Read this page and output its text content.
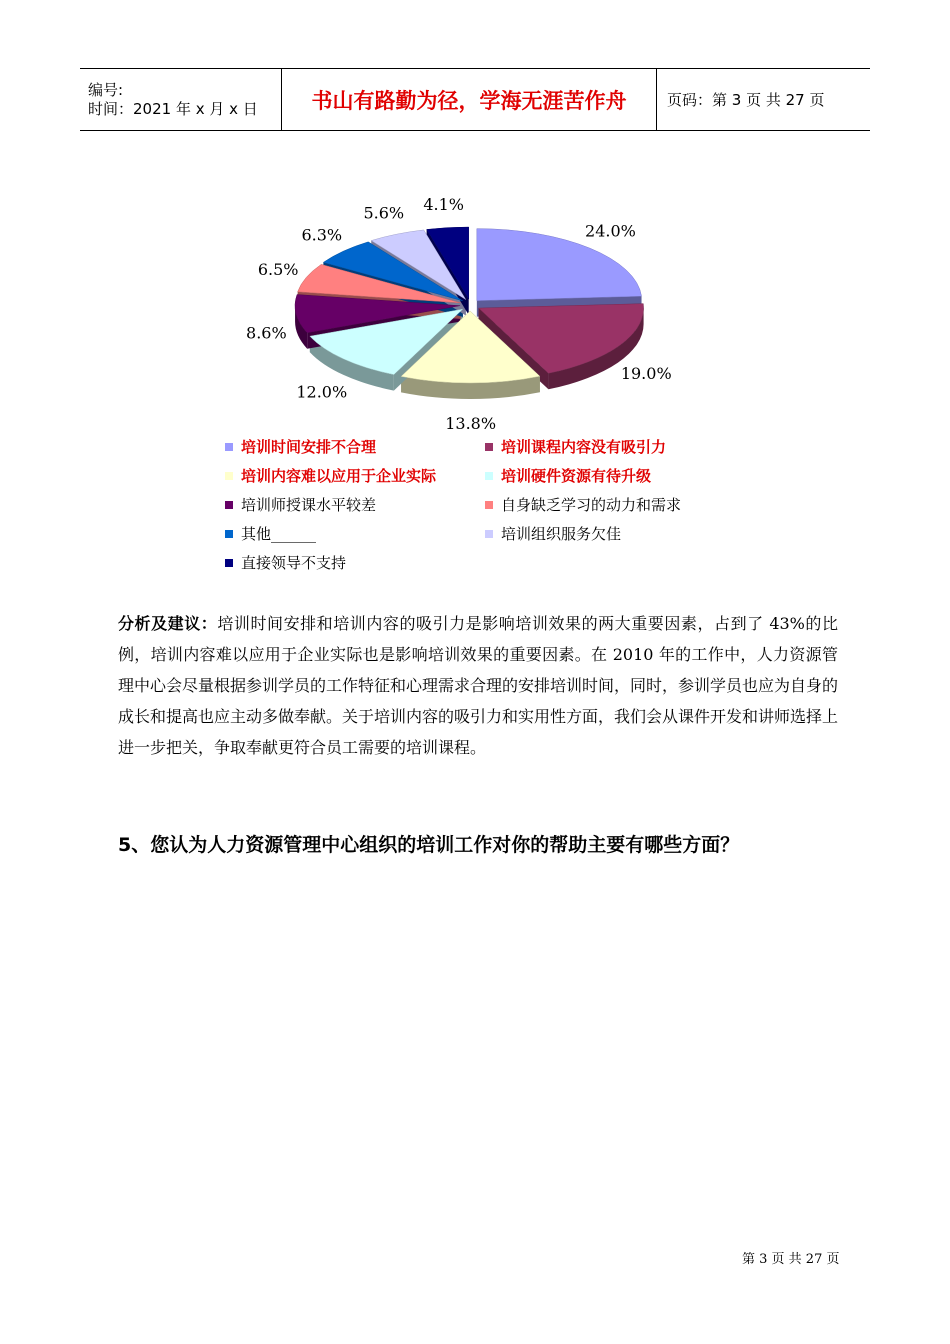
编号:
时间：2021 年 x 月 x 日	书山有路勤为径，学海无涯苦作舟	页码：第 3 页 共 27 页
24.0%
19.0%
13.8%
12.0%
8.6%
6.5%
6.3%
5.6% 4.1%
培训时间安排不合理	培训课程内容没有吸引力
培训内容难以应用于企业实际	培训硬件资源有待升级
培训师授课水平较差	自身缺乏学习的动力和需求
其他______	培训组织服务欠佳
直接领导不支持
分析及建议：培训时间安排和培训内容的吸引力是影响培训效果的两大重要因素，占到了 43%的比例，培训内容难以应用于企业实际也是影响培训效果的重要因素。在 2010 年的工作中，人力资源管理中心会尽量根据参训学员的工作特征和心理需求合理的安排培训时间，同时，参训学员也应为自身的成长和提高也应主动多做奉献。关于培训内容的吸引力和实用性方面，我们会从课件开发和讲师选择上进一步把关，争取奉献更符合员工需要的培训课程。
5、您认为人力资源管理中心组织的培训工作对你的帮助主要有哪些方面？
第 3 页 共 27 页
